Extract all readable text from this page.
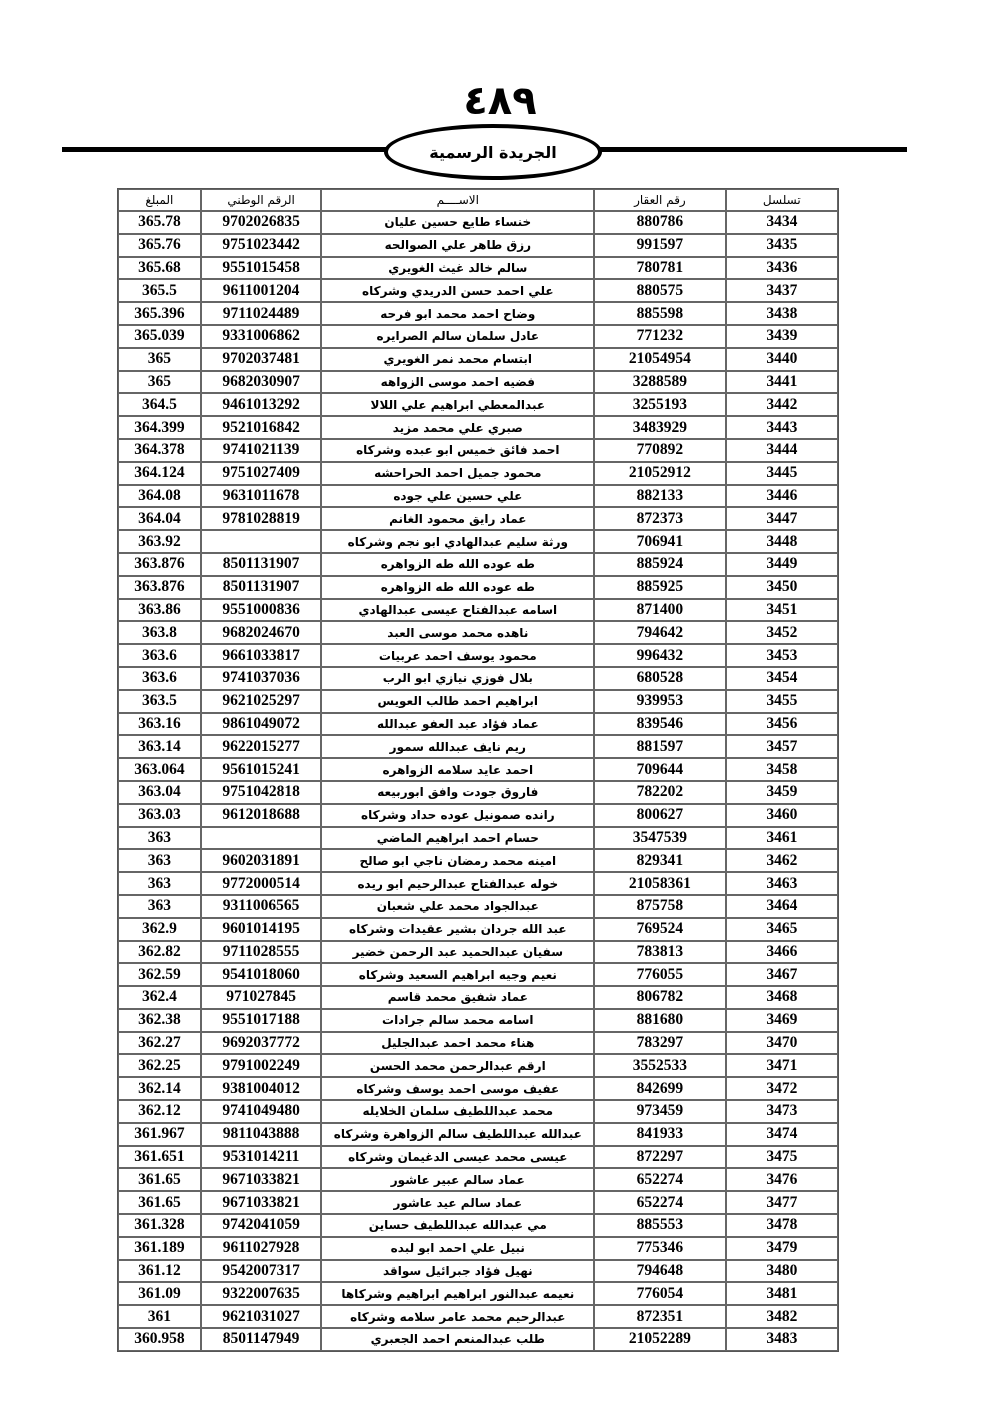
٤٨٩
الجريدة الرسمية
تسلسل	رقم العقار	الاســــم	الرقم الوطني	المبلغ
3434	880786	خنساء طايع حسين عليان	9702026835	365.78
3435	991597	رزق طاهر علي الصوالحه	9751023442	365.76
3436	780781	سالم خالد غيث الغويري	9551015458	365.68
3437	880575	علي احمد حسن الدريدي وشركاه	9611001204	365.5
3438	885598	وضاح احمد محمد ابو فرحه	9711024489	365.396
3439	771232	عادل سلمان سالم الصرايره	9331006862	365.039
3440	21054954	ابتسام محمد نمر الغويري	9702037481	365
3441	3288589	فضيه احمد موسى الزواهه	9682030907	365
3442	3255193	عبدالمعطي ابراهيم علي اللالا	9461013292	364.5
3443	3483929	صبري علي محمد مزيد	9521016842	364.399
3444	770892	احمد فائق خميس ابو عبده وشركاه	9741021139	364.378
3445	21052912	محمود جميل احمد الحراحشه	9751027409	364.124
3446	882133	علي حسين علي جوده	9631011678	364.08
3447	872373	عماد رايق محمود الغانم	9781028819	364.04
3448	706941	ورثة سليم عبدالهادي ابو نجم وشركاه		363.92
3449	885924	طه عوده الله طه الزواهره	8501131907	363.876
3450	885925	طه عوده الله طه الزواهره	8501131907	363.876
3451	871400	اسامه عبدالفتاح عيسى عبدالهادي	9551000836	363.86
3452	794642	ناهده محمد موسى العبد	9682024670	363.8
3453	996432	محمود يوسف احمد عربيات	9661033817	363.6
3454	680528	بلال فوزي نيازي ابو الرب	9741037036	363.6
3455	939953	ابراهيم احمد طالب العويس	9621025297	363.5
3456	839546	عماد فؤاد عبد العفو عبدالله	9861049072	363.16
3457	881597	ريم نايف عبدالله سمور	9622015277	363.14
3458	709644	احمد عايد سلامه الزواهره	9561015241	363.064
3459	782202	فاروق جودت وافق ابوربيعه	9751042818	363.04
3460	800627	رانده صمونيل عوده حداد وشركاه	9612018688	363.03
3461	3547539	حسام احمد ابراهيم الماضي		363
3462	829341	امينه محمد رمضان ناجي ابو صالح	9602031891	363
3463	21058361	خوله عبدالفتاح عبدالرحيم ابو ريده	9772000514	363
3464	875758	عبدالجواد محمد علي شعبان	9311006565	363
3465	769524	عبد الله جردان بشير عقيدات وشركاه	9601014195	362.9
3466	783813	سفيان عبدالحميد عبد الرحمن خضير	9711028555	362.82
3467	776055	نعيم وجيه ابراهيم السعيد وشركاه	9541018060	362.59
3468	806782	عماد شفيق محمد قاسم	971027845	362.4
3469	881680	اسامه محمد سالم جرادات	9551017188	362.38
3470	783297	هناء محمد احمد عبدالجليل	9692037772	362.27
3471	3552533	ارقم عبدالرحمن محمد الحسن	9791002249	362.25
3472	842699	عفيف موسى احمد يوسف وشركاه	9381004012	362.14
3473	973459	محمد عبداللطيف سلمان الخلايله	9741049480	362.12
3474	841933	عبدالله عبداللطيف سالم الزواهرة وشركاه	9811043888	361.967
3475	872297	عيسى محمد عيسى الدغيمان وشركاه	9531014211	361.651
3476	652274	عماد سالم عبير عاشور	9671033821	361.65
3477	652274	عماد سالم عيد عاشور	9671033821	361.65
3478	885553	مي عبدالله عبداللطيف حساين	9742041059	361.328
3479	775346	نبيل علي احمد ابو لبده	9611027928	361.189
3480	794648	نهيل فؤاد جبرائيل سواقد	9542007317	361.12
3481	776054	نعيمه عبدالنور ابراهيم ابراهيم وشركاها	9322007635	361.09
3482	872351	عبدالرحيم محمد عامر سلامه وشركاه	9621031027	361
3483	21052289	طلب عبدالمنعم احمد الجعبري	8501147949	360.958
